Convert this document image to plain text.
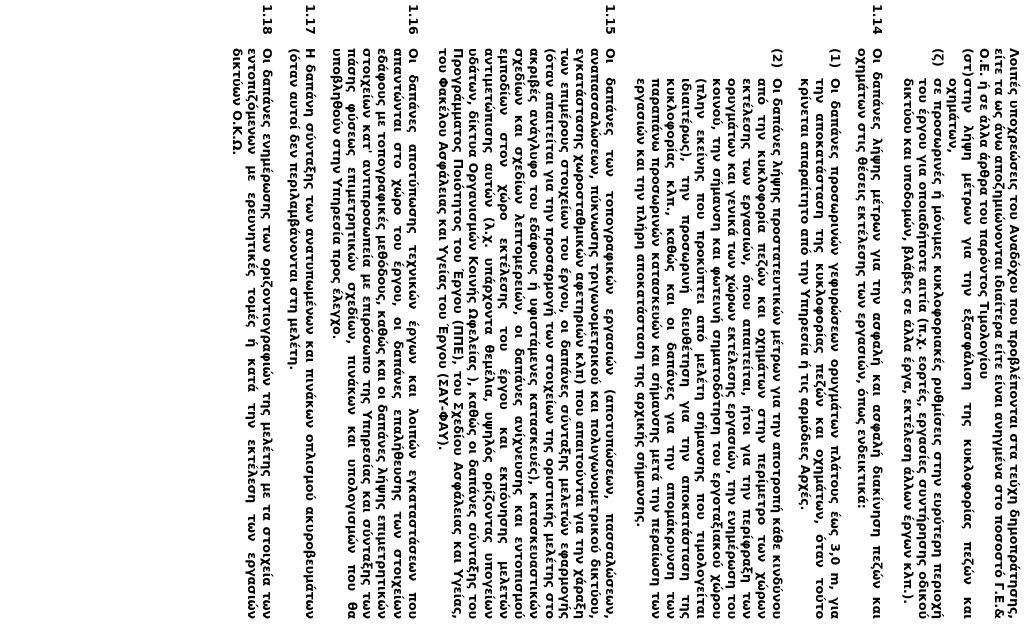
Λοιπές υποχρεώσεις του Αναδόχου που προβλέπονται στα τεύχη δημοπράτησης, είτε τα ως άνω αποζημιώνονται ιδιαίτερα είτε είναι ανηγμένα στο ποσοστό Γ.Ε.& Ο.Ε. ή σε άλλα άρθρα του παρόντος Τιμολογίου
(στ)
στην λήψη μέτρων για την εξασφάλιση της κυκλοφορίας πεζών και οχημάτων,
(ζ)
σε προσωρινές ή μόνιμες κυκλοφοριακές ρυθμίσεις στην ευρύτερη περιοχή του έργου για οποιαδήποτε αιτία (π.χ. εορτές, εργασίες συντήρησης οδικού δικτύου και υποδομών, βλάβες σε άλλα έργα, εκτέλεση άλλων έργων κλπ.).
1.14
Οι δαπάνες λήψης μέτρων για την ασφαλή και ασφαλή διακίνηση πεζών και οχημάτων στις θέσεις εκτέλεσης των εργασιών, όπως ενδεικτικά:
(1)
Οι δαπάνες προσωρινών γεφυρώσεων ορυγμάτων πλάτους έως 3,0 m, για την αποκατάσταση της κυκλοφορίας πεζών και οχημάτων, όταν τούτο κρίνεται απαραίτητο από την Υπηρεσία ή τις αρμόδιες Αρχές.
(2)
Οι δαπάνες λήψης προστατευτικών μέτρων για την αποτροπή κάθε κινδύνου από την κυκλοφορία πεζών και οχημάτων στην περίμετρο των χώρων εκτέλεσης των εργασιών, όπου απαιτείται, ήτοι για την περίφραξη των ορυγμάτων και γενικά των χώρων εκτέλεσης εργασιών, την ενημέρωση του κοινού, την σήμανση και φωτεινή σηματοδότηση του εργοταξιακού χώρου (πλην εκείνης που προκύπτει από μελέτη σήμανσης που τιμολογείται ιδιαιτέρως), την προσωρινή διευθέτηση για την αποκατάσταση της κυκλοφορίας κλπ., καθώς και οι δαπάνες για την απομάκρυνση των παραπάνω προσωρινών κατασκευών και σήμανσης μετά την περαίωση των εργασιών και την πλήρη αποκατάσταση της αρχικής σήμανσης.
1.15
Οι δαπάνες των τοπογραφικών εργασιών (αποτυπώσεων, πασσαλώσεων, αναπασσαλώσεων, πύκνωσης τριγωνομετρικού και πολυγωνομετρικού δικτύου, εγκατάστασης χωροσταθμικών αφετηριών κλπ) που απαιτούνται για την χάραξη των επιμέρους στοιχείων του έργου, οι δαπάνες σύνταξης μελετών εφαρμογής (όταν απαιτείται για την προσαρμογή των στοιχείων της οριστικής μελέτης στο ακριβές ανάγλυφο του εδάφους ή υφιστάμενες κατασκευές), κατασκευαστικών σχεδίων και σχεδίων λεπτομερειών, οι δαπάνες ανίχνευσης και εντοπισμού εμποδίων στον χώρο εκτέλεσης του έργου και εκπόνησης μελετών αντιμετώπισης αυτών (λ.χ. υπάρχοντα θεμέλια, υψηλός ορίζοντας υπογείων υδάτων, δίκτυα Οργανισμών Κοινής Ωφελείας ), καθώς οι δαπάνες σύνταξης του Προγράμματος Ποιότητος του Έργου (ΠΠΕ), του Σχεδίου Ασφάλειας και Υγείας, του Φακέλου Ασφάλειας και Υγείας του Έργου (ΣΑΥ-ΦΑΥ).
1.16
Οι δαπάνες αποτύπωσης τεχνικών έργων και λοιπών εγκαταστάσεων που απαντώνται στο χώρο του έργου, οι δαπάνες επαλήθευσης των στοιχείων εδάφους με τοπογραφικές μεθόδους, καθώς και οι δαπάνες λήψης επιμετρητικών στοιχείων κατ' αντιπροσωπεία με επιρόσωπο της Υπηρεσίας και σύνταξης των πάσης φύσεως επιμετρητικών σχεδίων, πινάκων και υπολογισμών που θα υποβληθούν στην Υπηρεσία προς έλεγχο.
1.17
Η δαπάνη σύνταξης των ανατυπωμένων και πινάκων οπλισμού ακυροβευμάτων (όταν αυτοί δεν περιλαμβάνονται στη μελέτη.
1.18
Οι δαπάνες ενημέρωσης των οριζοντιογραφιών της μελέτης με τα στοιχεία των εντοπιζόμενων με ερευνητικές τομές ή κατά την εκτέλεση των εργασιών δικτύων Ο.Κ.Ω.
